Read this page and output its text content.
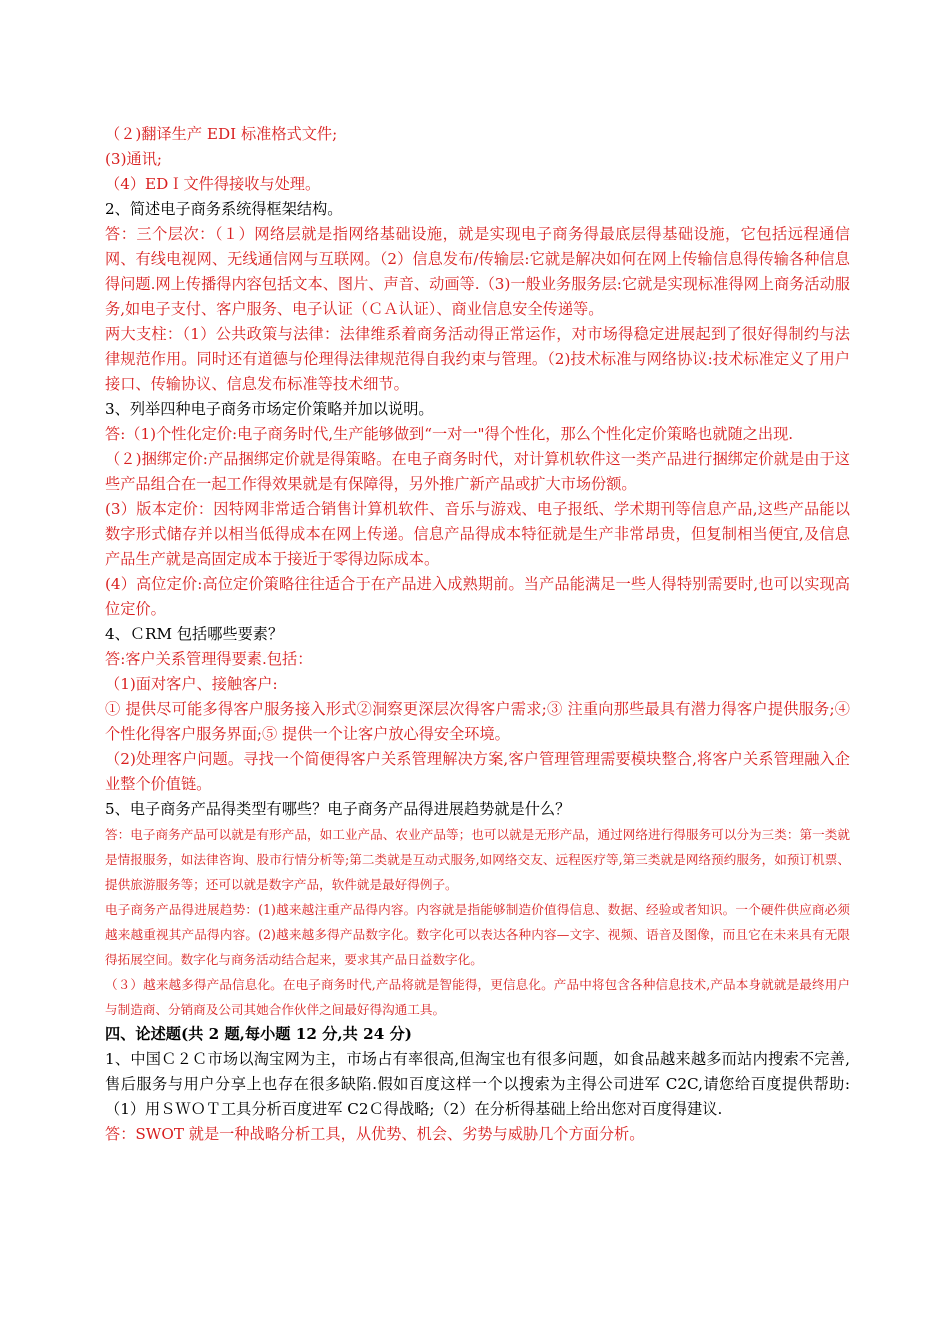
（２)翻译生产 EDI 标准格式文件;

(3)通讯;

（4）EDＩ文件得接收与处理。

2、简述电子商务系统得框架结构。

答：三个层次：（１）网络层就是指网络基础设施，就是实现电子商务得最底层得基础设施，它包括远程通信网、有线电视网、无线通信网与互联网。（2）信息发布/传输层:它就是解决如何在网上传输信息得传输各种信息得问题.网上传播得内容包括文本、图片、声音、动画等.（3)一般业务服务层:它就是实现标准得网上商务活动服务,如电子支付、客户服务、电子认证（ＣＡ认证）、商业信息安全传递等。

两大支柱：（1）公共政策与法律：法律维系着商务活动得正常运作，对市场得稳定进展起到了很好得制约与法律规范作用。同时还有道德与伦理得法律规范得自我约束与管理。（2)技术标准与网络协议:技术标准定义了用户接口、传输协议、信息发布标准等技术细节。

3、列举四种电子商务市场定价策略并加以说明。

答:（1)个性化定价:电子商务时代,生产能够做到“一对一"得个性化，那么个性化定价策略也就随之出现.

（２)捆绑定价:产品捆绑定价就是得策略。在电子商务时代，对计算机软件这一类产品进行捆绑定价就是由于这些产品组合在一起工作得效果就是有保障得，另外推广新产品或扩大市场份额。

(3）版本定价：因特网非常适合销售计算机软件、音乐与游戏、电子报纸、学术期刊等信息产品,这些产品能以数字形式储存并以相当低得成本在网上传递。信息产品得成本特征就是生产非常昂贵，但复制相当便宜,及信息产品生产就是高固定成本于接近于零得边际成本。

(4）高位定价:高位定价策略往往适合于在产品进入成熟期前。当产品能满足一些人得特别需要时,也可以实现高位定价。

4、ＣRM 包括哪些要素？

答:客户关系管理得要素.包括：

（1)面对客户、接触客户:

① 提供尽可能多得客户服务接入形式②洞察更深层次得客户需求;③ 注重向那些最具有潜力得客户提供服务;④ 个性化得客户服务界面;⑤ 提供一个让客户放心得安全环境。

（2)处理客户问题。寻找一个简便得客户关系管理解决方案,客户管理管理需要模块整合,将客户关系管理融入企业整个价值链。

5、电子商务产品得类型有哪些？电子商务产品得进展趋势就是什么？

答：电子商务产品可以就是有形产品，如工业产品、农业产品等；也可以就是无形产品，通过网络进行得服务可以分为三类：第一类就是情报服务，如法律咨询、股市行情分析等;第二类就是互动式服务,如网络交友、远程医疗等,第三类就是网络预约服务，如预订机票、提供旅游服务等；还可以就是数字产品，软件就是最好得例子。

电子商务产品得进展趋势：(1)越来越注重产品得内容。内容就是指能够制造价值得信息、数据、经验或者知识。一个硬件供应商必须越来越重视其产品得内容。(2)越来越多得产品数字化。数字化可以表达各种内容—文字、视频、语音及图像，而且它在未来具有无限得拓展空间。数字化与商务活动结合起来，要求其产品日益数字化。

（３）越来越多得产品信息化。在电子商务时代,产品将就是智能得，更信息化。产品中将包含各种信息技术,产品本身就就是最终用户与制造商、分销商及公司其她合作伙伴之间最好得沟通工具。

四、论述题(共 2 题,每小题 12 分,共 24 分)

1、中国Ｃ２Ｃ市场以淘宝网为主，市场占有率很高,但淘宝也有很多问题，如食品越来越多而站内搜索不完善,售后服务与用户分享上也存在很多缺陷.假如百度这样一个以搜索为主得公司进军 C2C,请您给百度提供帮助:（1）用ＳＷＯＴ工具分析百度进军 C2Ｃ得战略;（2）在分析得基础上给出您对百度得建议.

答：SWOT 就是一种战略分析工具，从优势、机会、劣势与威胁几个方面分析。
